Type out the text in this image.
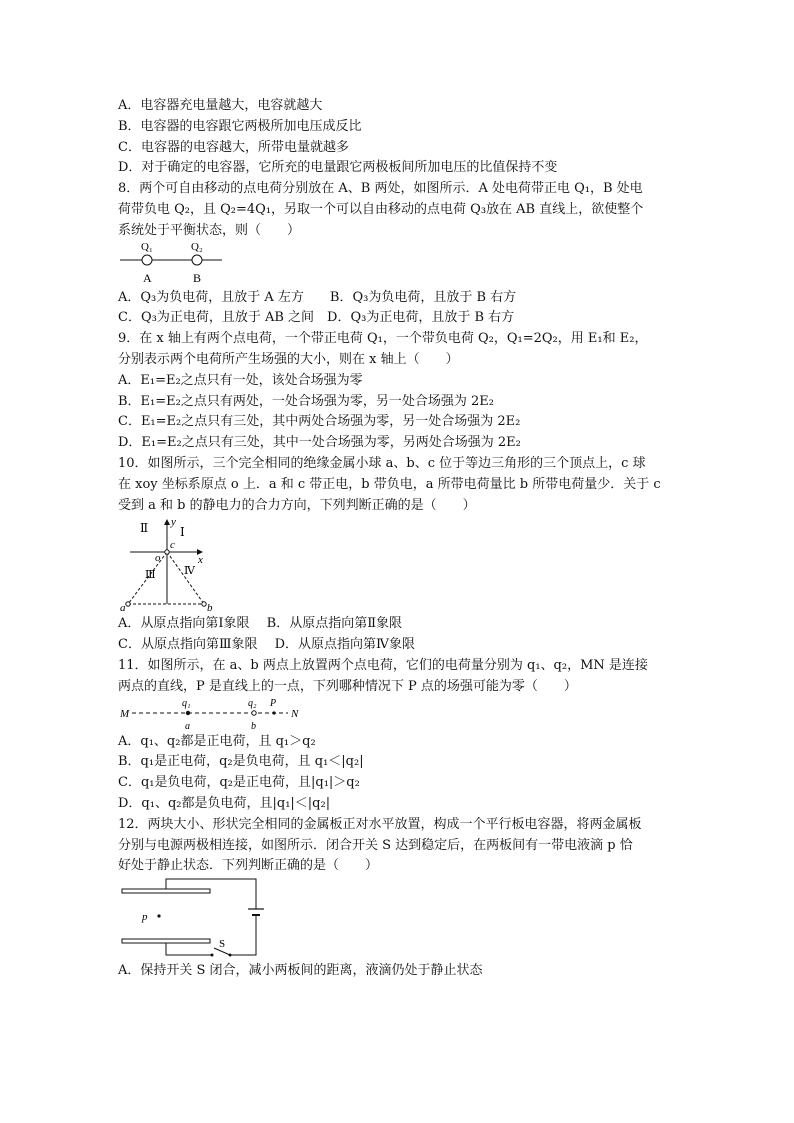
A．电容器充电量越大，电容就越大
B．电容器的电容跟它两极所加电压成反比
C．电容器的电容越大，所带电量就越多
D．对于确定的电容器，它所充的电量跟它两极板间所加电压的比值保持不变
8．两个可自由移动的点电荷分别放在 A、B 两处，如图所示．A 处电荷带正电 Q₁，B 处电
荷带负电 Q₂，且 Q₂=4Q₁，另取一个可以自由移动的点电荷 Q₃放在 AB 直线上，欲使整个
系统处于平衡状态，则（　　）
Q₁	Q₂
A	B
A．Q₃为负电荷，且放于 A 左方　　B．Q₃为负电荷，且放于 B 右方
C．Q₃为正电荷，且放于 AB 之间　D．Q₃为正电荷，且放于 B 右方
9．在 x 轴上有两个点电荷，一个带正电荷 Q₁，一个带负电荷 Q₂，Q₁=2Q₂，用 E₁和 E₂，
分别表示两个电荷所产生场强的大小，则在 x 轴上（　　）
A．E₁=E₂之点只有一处，该处合场强为零
B．E₁=E₂之点只有两处，一处合场强为零，另一处合场强为 2E₂
C．E₁=E₂之点只有三处，其中两处合场强为零，另一处合场强为 2E₂
D．E₁=E₂之点只有三处，其中一处合场强为零，另两处合场强为 2E₂
10．如图所示，三个完全相同的绝缘金属小球 a、b、c 位于等边三角形的三个顶点上，c 球
在 xoy 坐标系原点 o 上．a 和 c 带正电，b 带负电，a 所带电荷量比 b 所带电荷量少．关于 c
受到 a 和 b 的静电力的合力方向，下列判断正确的是（　　）
Ⅱ	Ⅰ
Ⅲ	Ⅳ
y
x
c
o
a	b
A．从原点指向第Ⅰ象限　 B．从原点指向第Ⅱ象限
C．从原点指向第Ⅲ象限　 D．从原点指向第Ⅳ象限
11．如图所示，在 a、b 两点上放置两个点电荷，它们的电荷量分别为 q₁、q₂，MN 是连接
两点的直线，P 是直线上的一点，下列哪种情况下 P 点的场强可能为零（　　）
M
q₁	q₂ P
N
a	b
A．q₁、q₂都是正电荷，且 q₁＞q₂
B．q₁是正电荷，q₂是负电荷，且 q₁＜|q₂|
C．q₁是负电荷，q₂是正电荷，且|q₁|＞q₂
D．q₁、q₂都是负电荷，且|q₁|＜|q₂|
12．两块大小、形状完全相同的金属板正对水平放置，构成一个平行板电容器，将两金属板
分别与电源两极相连接，如图所示．闭合开关 S 达到稳定后，在两板间有一带电液滴 p 恰
好处于静止状态．下列判断正确的是（　　）
p
S
A．保持开关 S 闭合，减小两板间的距离，液滴仍处于静止状态
